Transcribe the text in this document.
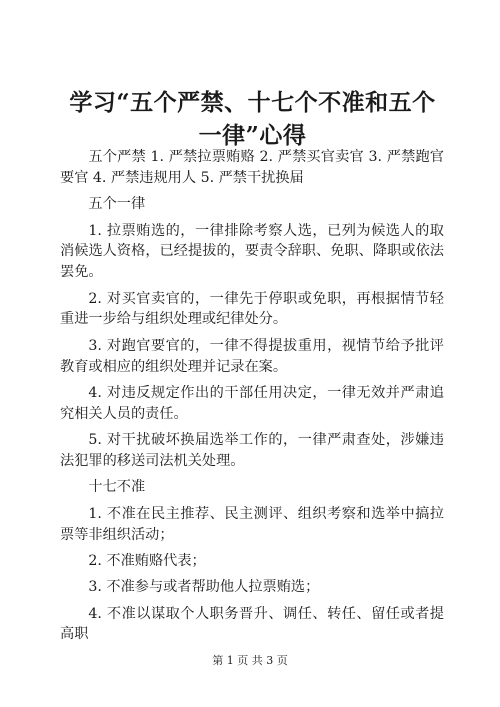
学习“五个严禁、十七个不准和五个一律”心得

五个严禁 1. 严禁拉票贿赂 2. 严禁买官卖官 3. 严禁跑官要官 4. 严禁违规用人 5. 严禁干扰换届

五个一律

1. 拉票贿选的，一律排除考察人选，已列为候选人的取消候选人资格，已经提拔的，要责令辞职、免职、降职或依法罢免。

2. 对买官卖官的，一律先于停职或免职，再根据情节轻重进一步给与组织处理或纪律处分。

3. 对跑官要官的，一律不得提拔重用，视情节给予批评教育或相应的组织处理并记录在案。

4. 对违反规定作出的干部任用决定，一律无效并严肃追究相关人员的责任。

5. 对干扰破坏换届选举工作的，一律严肃查处，涉嫌违法犯罪的移送司法机关处理。

十七不准

1. 不准在民主推荐、民主测评、组织考察和选举中搞拉票等非组织活动；

2. 不准贿赂代表；

3. 不准参与或者帮助他人拉票贿选；

4. 不准以谋取个人职务晋升、调任、转任、留任或者提高职

第 1 页 共 3 页
